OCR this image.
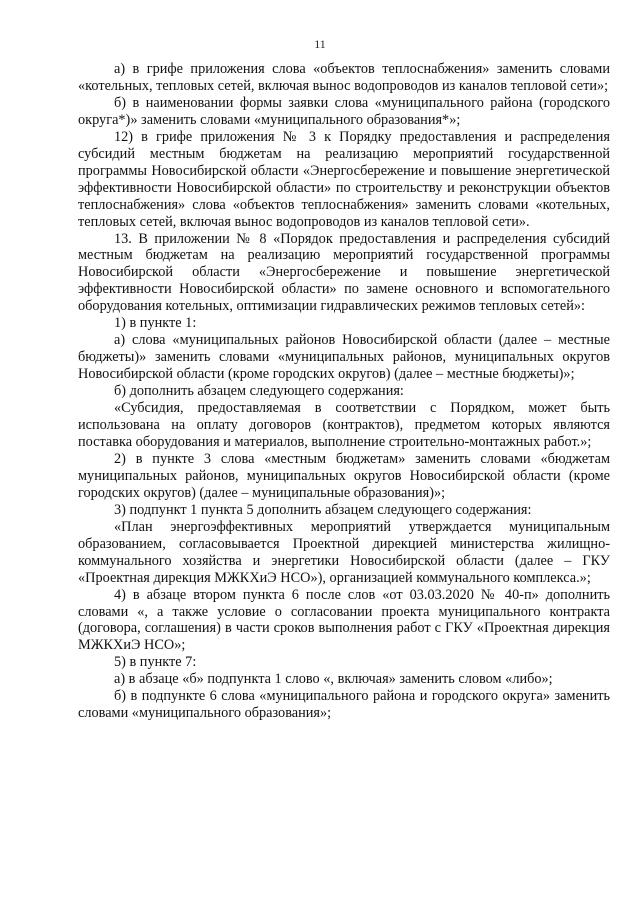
11

а) в грифе приложения слова «объектов теплоснабжения» заменить словами «котельных, тепловых сетей, включая вынос водопроводов из каналов тепловой сети»;

б) в наименовании формы заявки слова «муниципального района (городского округа*)» заменить словами «муниципального образования*»;

12) в грифе приложения № 3 к Порядку предоставления и распределения субсидий местным бюджетам на реализацию мероприятий государственной программы Новосибирской области «Энергосбережение и повышение энергетической эффективности Новосибирской области» по строительству и реконструкции объектов теплоснабжения» слова «объектов теплоснабжения» заменить словами «котельных, тепловых сетей, включая вынос водопроводов из каналов тепловой сети».

13. В приложении № 8 «Порядок предоставления и распределения субсидий местным бюджетам на реализацию мероприятий государственной программы Новосибирской области «Энергосбережение и повышение энергетической эффективности Новосибирской области» по замене основного и вспомогательного оборудования котельных, оптимизации гидравлических режимов тепловых сетей»:

1) в пункте 1:

а) слова «муниципальных районов Новосибирской области (далее – местные бюджеты)» заменить словами «муниципальных районов, муниципальных округов Новосибирской области (кроме городских округов) (далее – местные бюджеты)»;

б) дополнить абзацем следующего содержания:

«Субсидия, предоставляемая в соответствии с Порядком, может быть использована на оплату договоров (контрактов), предметом которых являются поставка оборудования и материалов, выполнение строительно-монтажных работ.»;

2) в пункте 3 слова «местным бюджетам» заменить словами «бюджетам муниципальных районов, муниципальных округов Новосибирской области (кроме городских округов) (далее – муниципальные образования)»;

3) подпункт 1 пункта 5 дополнить абзацем следующего содержания:

«План энергоэффективных мероприятий утверждается муниципальным образованием, согласовывается Проектной дирекцией министерства жилищно-коммунального хозяйства и энергетики Новосибирской области (далее – ГКУ «Проектная дирекция МЖКХиЭ НСО»), организацией коммунального комплекса.»;

4) в абзаце втором пункта 6 после слов «от 03.03.2020 № 40-п» дополнить словами «, а также условие о согласовании проекта муниципального контракта (договора, соглашения) в части сроков выполнения работ с ГКУ «Проектная дирекция МЖКХиЭ НСО»;

5) в пункте 7:

а) в абзаце «б» подпункта 1 слово «, включая» заменить словом «либо»;

б) в подпункте 6 слова «муниципального района и городского округа» заменить словами «муниципального образования»;
